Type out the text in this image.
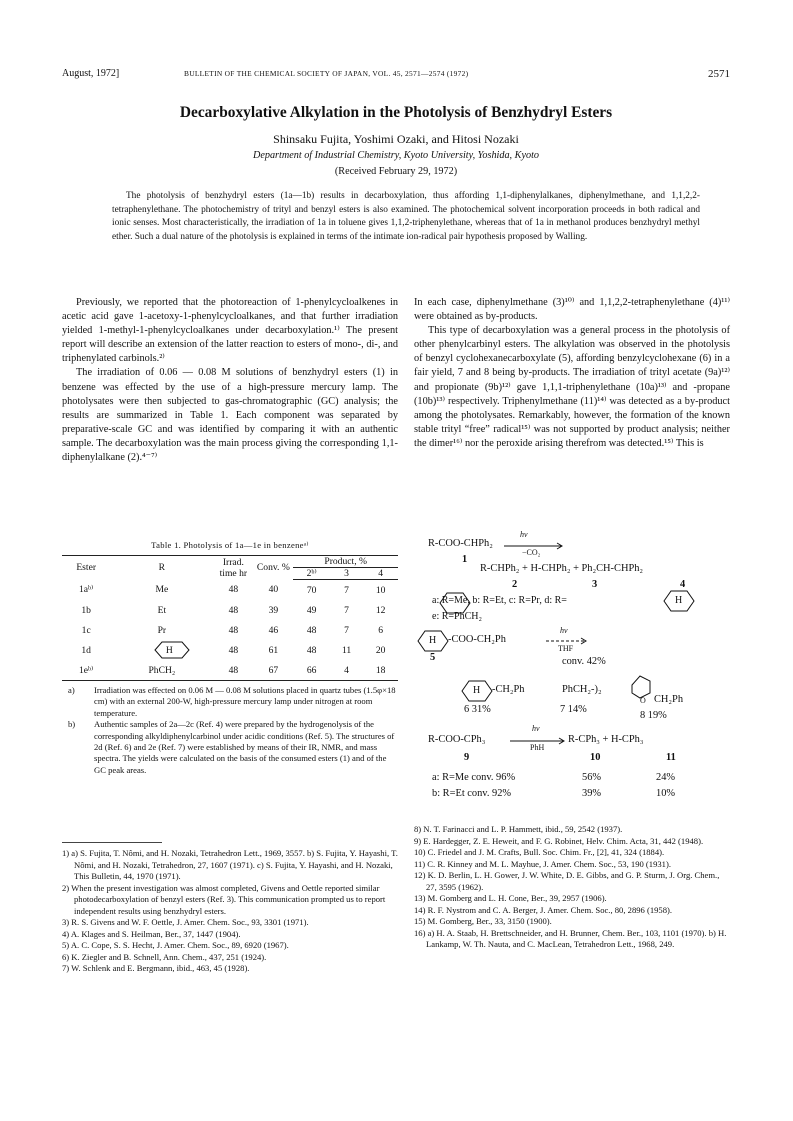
August, 1972]	BULLETIN OF THE CHEMICAL SOCIETY OF JAPAN, VOL. 45, 2571—2574 (1972)	2571
Decarboxylative Alkylation in the Photolysis of Benzhydryl Esters
Shinsaku Fujita, Yoshimi Ozaki, and Hitosi Nozaki
Department of Industrial Chemistry, Kyoto University, Yoshida, Kyoto
(Received February 29, 1972)
The photolysis of benzhydryl esters (1a—1b) results in decarboxylation, thus affording 1,1-diphenylalkanes, diphenylmethane, and 1,1,2,2-tetraphenylethane. The photochemistry of trityl and benzyl esters is also examined. The photochemical solvent incorporation proceeds in both radical and ionic senses. Most characteristically, the irradiation of 1a in toluene gives 1,1,2-triphenylethane, whereas that of 1a in methanol produces benzhydryl methyl ether. Such a dual nature of the photolysis is explained in terms of the intimate ion-radical pair hypothesis proposed by Walling.

Previously, we reported that the photoreaction of 1-phenylcycloalkenes in acetic acid gave 1-acetoxy-1-phenylcycloalkanes, and that further irradiation yielded 1-methyl-1-phenylcycloalkanes under decarboxylation.¹⁾ The present report will describe an extension of the latter reaction to esters of mono-, di-, and triphenylated carbinols.²⁾

The irradiation of 0.06 — 0.08 M solutions of benzhydryl esters (1) in benzene was effected by the use of a high-pressure mercury lamp. The photolysates were then subjected to gas-chromatographic (GC) analysis; the results are summarized in Table 1. Each component was separated by preparative-scale GC and was identified by comparing it with an authentic sample. The decarboxylation was the main process giving the corresponding 1,1-diphenylalkane (2).⁴⁻⁷⁾

In each case, diphenylmethane (3)¹⁰⁾ and 1,1,2,2-tetraphenylethane (4)¹¹⁾ were obtained as by-products.

This type of decarboxylation was a general process in the photolysis of other phenylcarbinyl esters. The alkylation was observed in the photolysis of benzyl cyclohexanecarboxylate (5), affording benzylcyclohexane (6) in a fair yield, 7 and 8 being by-products. The irradiation of trityl acetate (9a)¹²⁾ and propionate (9b)¹²⁾ gave 1,1,1-triphenylethane (10a)¹³⁾ and -propane (10b)¹³⁾ respectively. Triphenylmethane (11)¹⁴⁾ was detected as a by-product among the photolysates. Remarkably, however, the formation of the known stable trityl “free” radical¹⁵⁾ was not supported by product analysis; neither the dimer¹⁶⁾ nor the peroxide arising therefrom was detected.¹⁵⁾ This is

Table 1. Photolysis of 1a—1e in benzeneᵃ⁾
Ester	R	Irrad. time hr	Conv. %	Product, %		
				2ᵇ⁾	3	4
1aᵇ⁾	Me	48	40	70	7	10
1b	Et	48	39	49	7	12
1c	Pr	48	46	48	7	6
1d	H	48	61	48	11	20
1eᵇ⁾	PhCH₂	48	67	66	4	18
a)	Irradiation was effected on 0.06 M — 0.08 M solutions placed in quartz tubes (1.5φ×18 cm) with an external 200-W, high-pressure mercury lamp under nitrogen at room temperature.
b)	Authentic samples of 2a—2c (Ref. 4) were prepared by the hydrogenolysis of the corresponding alkyldiphenylcarbinol under acidic conditions (Ref. 5). The structures of 2d (Ref. 6) and 2e (Ref. 7) were established by means of their IR, NMR, and mass spectra. The yields were calculated on the basis of the consumed esters (1) and of the GC peak areas.
hv
−CO₂
R-COO-CHPh₂
1
R-CHPh₂ + H-CHPh₂ + Ph₂CH-CHPh₂
2	3	4
a: R=Me, b: R=Et, c: R=Pr, d: R=	H
e: R=PhCH₂
H -COO-CH₂Ph
hv
THF
5	conv. 42%
H -CH₂Ph	PhCH₂-)₂
O CH₂Ph
6 31%	7 14%
8 19%
R-COO-CPh₃
hv
PhH
R-CPh₃ + H-CPh₃
9	10	11
a: R=Me conv. 96%	56%	24%
b: R=Et conv. 92%	39%	10%

1) a) S. Fujita, T. Nômi, and H. Nozaki, Tetrahedron Lett., 1969, 3557. b) S. Fujita, Y. Hayashi, T. Nômi, and H. Nozaki, Tetrahedron, 27, 1607 (1971). c) S. Fujita, Y. Hayashi, and H. Nozaki, This Bulletin, 44, 1970 (1971).

2) When the present investigation was almost completed, Givens and Oettle reported similar photodecarboxylation of benzyl esters (Ref. 3). This communication prompted us to report independent results using benzhydryl esters.

3) R. S. Givens and W. F. Oettle, J. Amer. Chem. Soc., 93, 3301 (1971).

4) A. Klages and S. Heilman, Ber., 37, 1447 (1904).

5) A. C. Cope, S. S. Hecht, J. Amer. Chem. Soc., 89, 6920 (1967).

6) K. Ziegler and B. Schnell, Ann. Chem., 437, 251 (1924).

7) W. Schlenk and E. Bergmann, ibid., 463, 45 (1928).

8) N. T. Farinacci and L. P. Hammett, ibid., 59, 2542 (1937).

9) E. Hardegger, Z. E. Heweit, and F. G. Robinet, Helv. Chim. Acta, 31, 442 (1948).

10) C. Friedel and J. M. Crafts, Bull. Soc. Chim. Fr., [2], 41, 324 (1884).

11) C. R. Kinney and M. L. Mayhue, J. Amer. Chem. Soc., 53, 190 (1931).

12) K. D. Berlin, L. H. Gower, J. W. White, D. E. Gibbs, and G. P. Sturm, J. Org. Chem., 27, 3595 (1962).

13) M. Gomberg and L. H. Cone, Ber., 39, 2957 (1906).

14) R. F. Nystrom and C. A. Berger, J. Amer. Chem. Soc., 80, 2896 (1958).

15) M. Gomberg, Ber., 33, 3150 (1900).

16) a) H. A. Staab, H. Brettschneider, and H. Brunner, Chem. Ber., 103, 1101 (1970). b) H. Lankamp, W. Th. Nauta, and C. MacLean, Tetrahedron Lett., 1968, 249.
